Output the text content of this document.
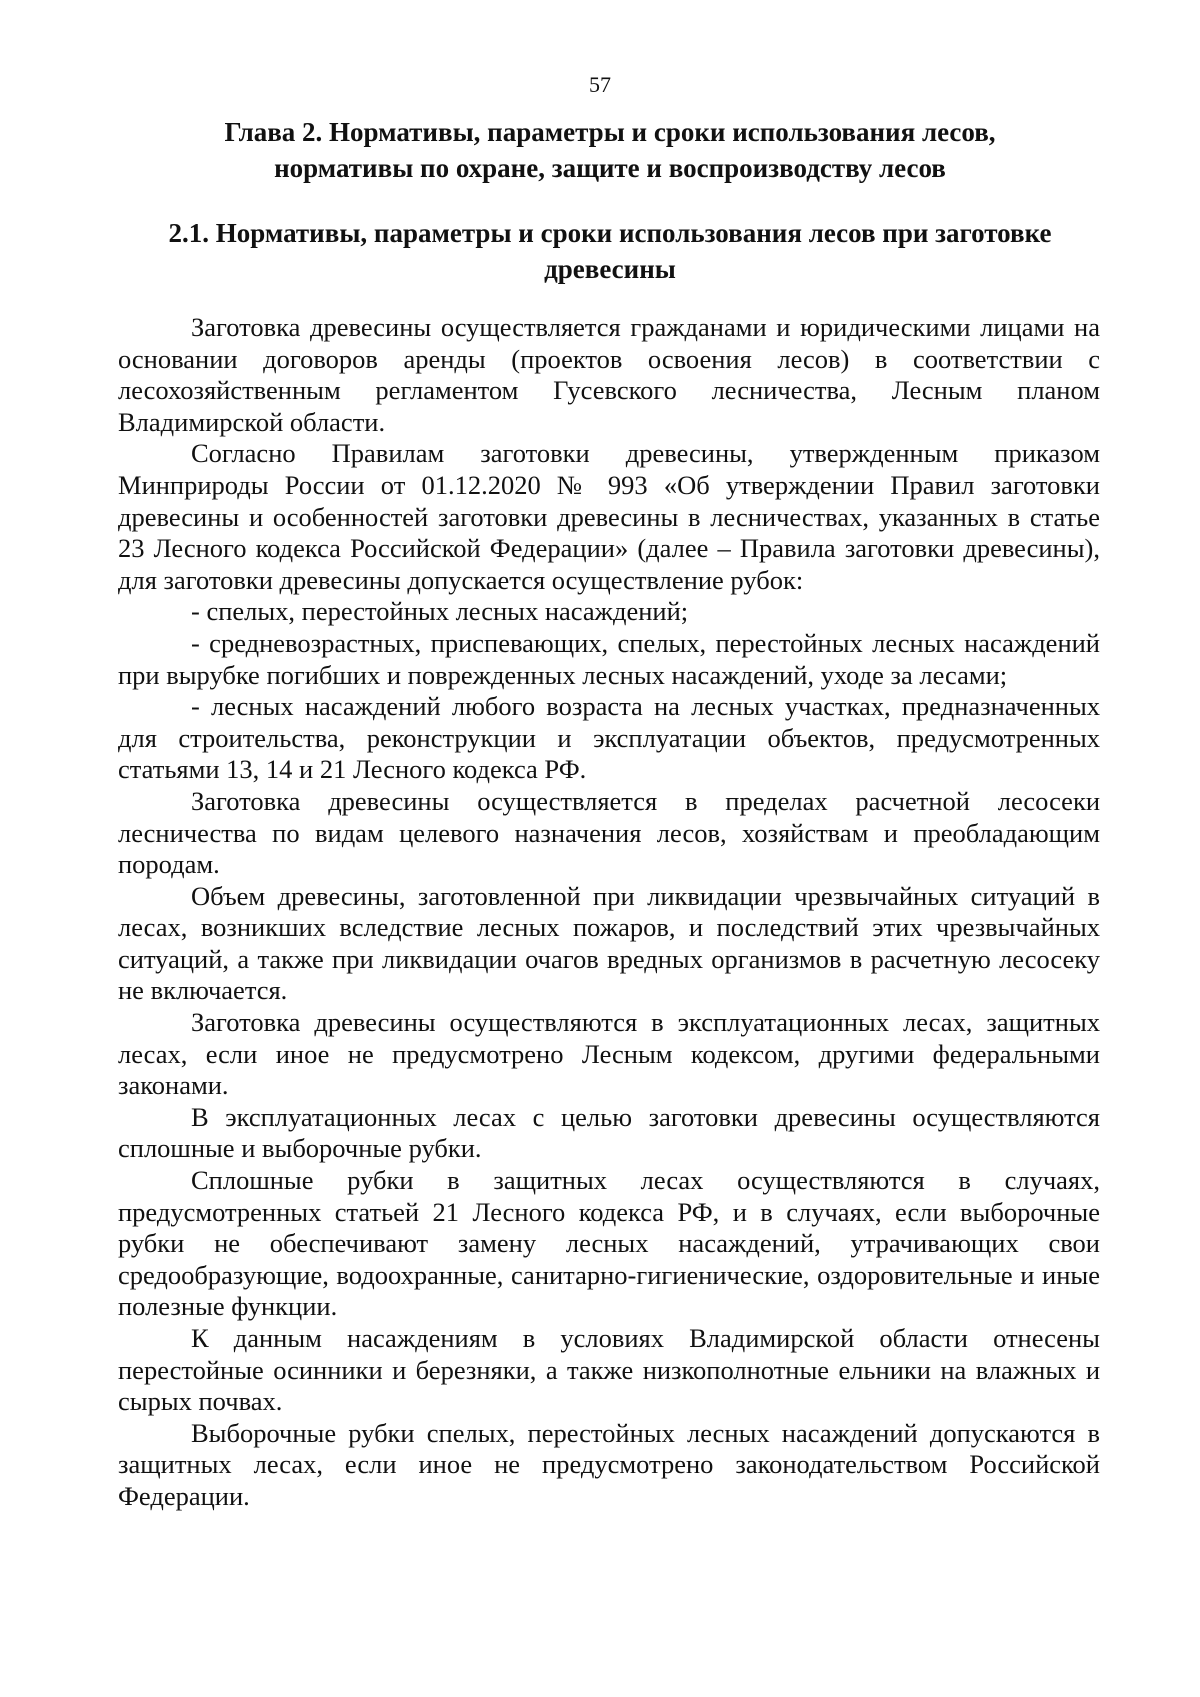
57
Глава 2. Нормативы, параметры и сроки использования лесов,
нормативы по охране, защите и воспроизводству лесов
2.1. Нормативы, параметры и сроки использования лесов при заготовке
древесины

Заготовка древесины осуществляется гражданами и юридическими лицами на основании договоров аренды (проектов освоения лесов) в соответствии с лесохозяйственным регламентом Гусевского лесничества, Лесным планом Владимирской области.

Согласно Правилам заготовки древесины, утвержденным приказом Минприроды России от 01.12.2020 № 993 «Об утверждении Правил заготовки древесины и особенностей заготовки древесины в лесничествах, указанных в статье 23 Лесного кодекса Российской Федерации» (далее – Правила заготовки древесины), для заготовки древесины допускается осуществление рубок:

- спелых, перестойных лесных насаждений;

- средневозрастных, приспевающих, спелых, перестойных лесных насаждений при вырубке погибших и поврежденных лесных насаждений, уходе за лесами;

- лесных насаждений любого возраста на лесных участках, предназначенных для строительства, реконструкции и эксплуатации объектов, предусмотренных статьями 13, 14 и 21 Лесного кодекса РФ.

Заготовка древесины осуществляется в пределах расчетной лесосеки лесничества по видам целевого назначения лесов, хозяйствам и преобладающим породам.

Объем древесины, заготовленной при ликвидации чрезвычайных ситуаций в лесах, возникших вследствие лесных пожаров, и последствий этих чрезвычайных ситуаций, а также при ликвидации очагов вредных организмов в расчетную лесосеку не включается.

Заготовка древесины осуществляются в эксплуатационных лесах, защитных лесах, если иное не предусмотрено Лесным кодексом, другими федеральными законами.

В эксплуатационных лесах с целью заготовки древесины осуществляются сплошные и выборочные рубки.

Сплошные рубки в защитных лесах осуществляются в случаях, предусмотренных статьей 21 Лесного кодекса РФ, и в случаях, если выборочные рубки не обеспечивают замену лесных насаждений, утрачивающих свои средообразующие, водоохранные, санитарно-гигиенические, оздоровительные и иные полезные функции.

К данным насаждениям в условиях Владимирской области отнесены перестойные осинники и березняки, а также низкополнотные ельники на влажных и сырых почвах.

Выборочные рубки спелых, перестойных лесных насаждений допускаются в защитных лесах, если иное не предусмотрено законодательством Российской Федерации.
